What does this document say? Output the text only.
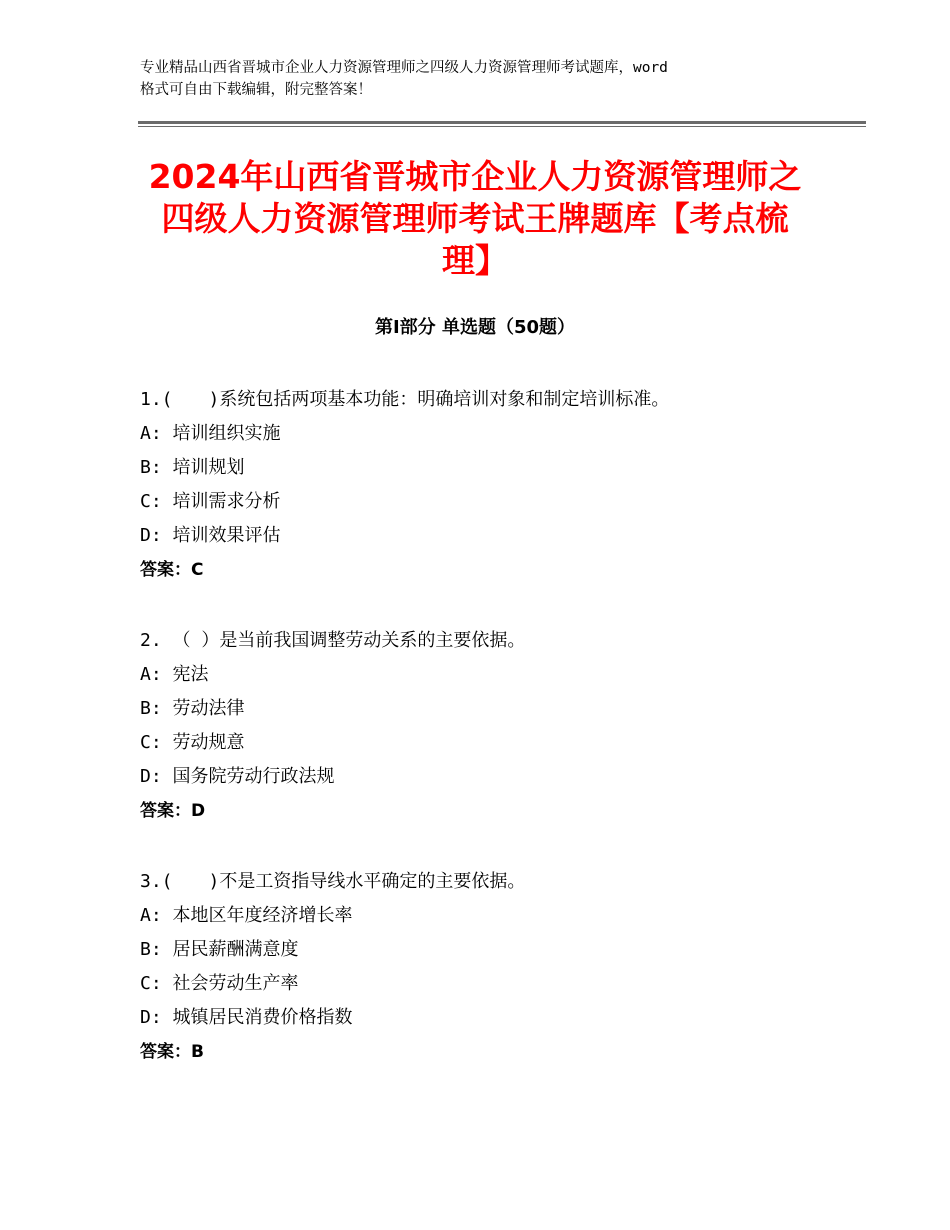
专业精品山西省晋城市企业人力资源管理师之四级人力资源管理师考试题库，word
格式可自由下载编辑，附完整答案！
2024年山西省晋城市企业人力资源管理师之
四级人力资源管理师考试王牌题库【考点梳
理】
第Ⅰ部分 单选题（50题）
1.(　　)系统包括两项基本功能：明确培训对象和制定培训标准。
A: 培训组织实施
B: 培训规划
C: 培训需求分析
D: 培训效果评估
答案：C
2. （ ）是当前我国调整劳动关系的主要依据。
A: 宪法
B: 劳动法律
C: 劳动规意
D: 国务院劳动行政法规
答案：D
3.(　　)不是工资指导线水平确定的主要依据。
A: 本地区年度经济增长率
B: 居民薪酬满意度
C: 社会劳动生产率
D: 城镇居民消费价格指数
答案：B
